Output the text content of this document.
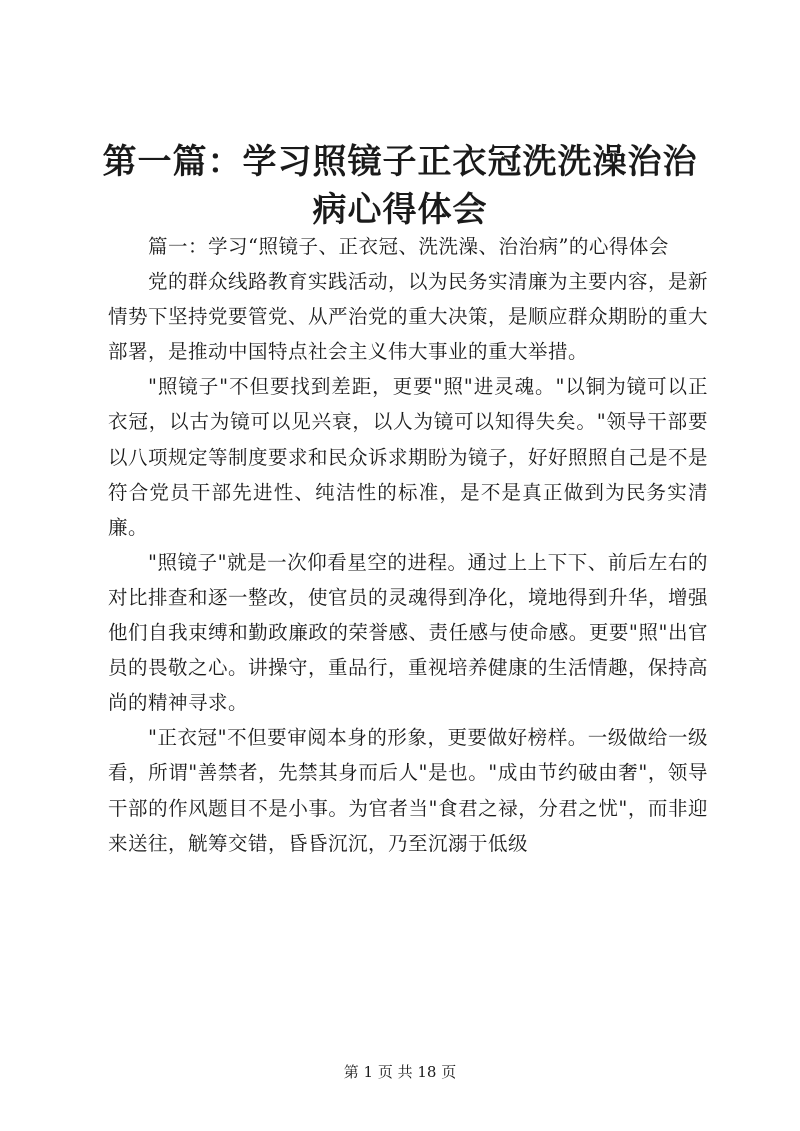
第一篇：学习照镜子正衣冠洗洗澡治治病心得体会

篇一：学习“照镜子、正衣冠、洗洗澡、治治病”的心得体会

党的群众线路教育实践活动，以为民务实清廉为主要内容，是新情势下坚持党要管党、从严治党的重大决策，是顺应群众期盼的重大部署，是推动中国特点社会主义伟大事业的重大举措。

"照镜子"不但要找到差距，更要"照"进灵魂。"以铜为镜可以正衣冠，以古为镜可以见兴衰，以人为镜可以知得失矣。"领导干部要以八项规定等制度要求和民众诉求期盼为镜子，好好照照自己是不是符合党员干部先进性、纯洁性的标准，是不是真正做到为民务实清廉。

"照镜子"就是一次仰看星空的进程。通过上上下下、前后左右的对比排查和逐一整改，使官员的灵魂得到净化，境地得到升华，增强他们自我束缚和勤政廉政的荣誉感、责任感与使命感。更要"照"出官员的畏敬之心。讲操守，重品行，重视培养健康的生活情趣，保持高尚的精神寻求。

"正衣冠"不但要审阅本身的形象，更要做好榜样。一级做给一级看，所谓"善禁者，先禁其身而后人"是也。"成由节约破由奢"，领导干部的作风题目不是小事。为官者当"食君之禄，分君之忧"，而非迎来送往，觥筹交错，昏昏沉沉，乃至沉溺于低级

第 1 页 共 18 页
